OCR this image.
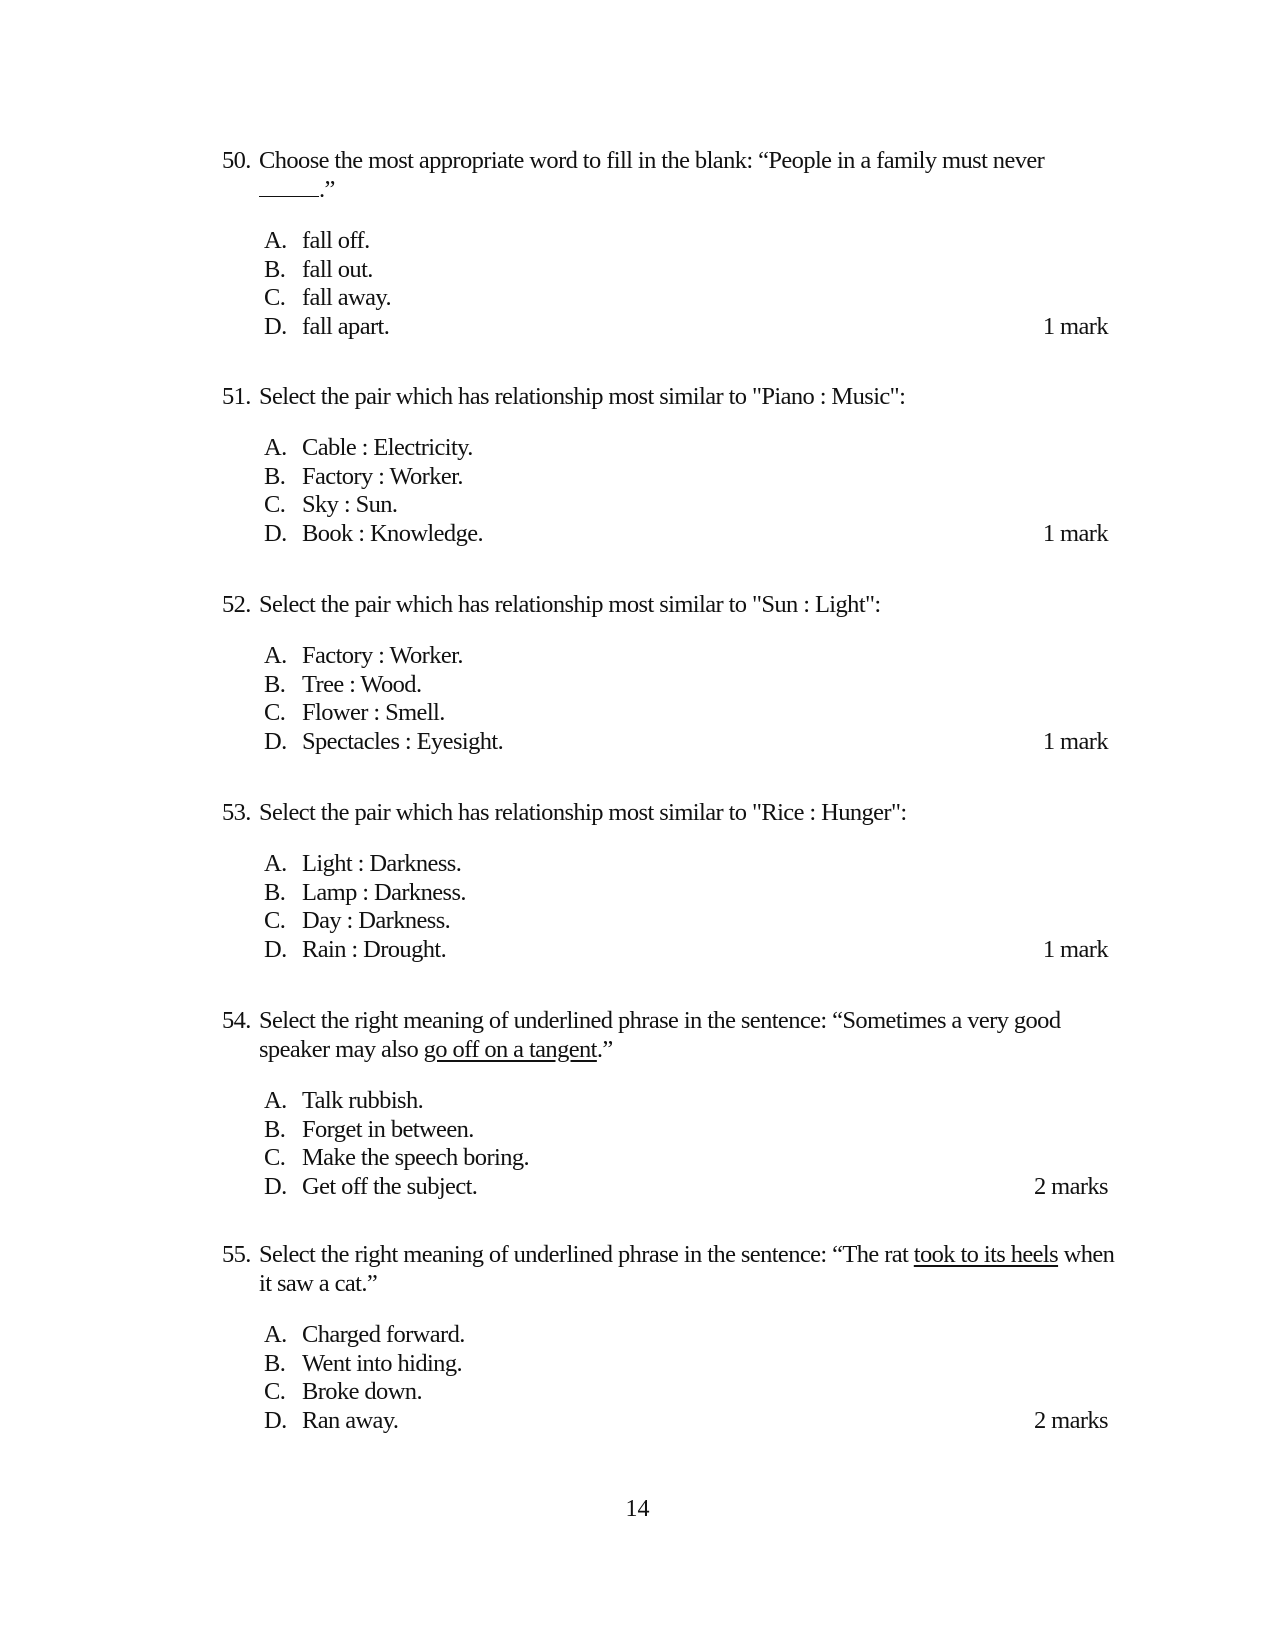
50. Choose the most appropriate word to fill in the blank: “People in a family must never
.”
A. fall off.
B. fall out.
C. fall away.
D. fall apart.	1 mark
51. Select the pair which has relationship most similar to "Piano : Music":
A. Cable : Electricity.
B. Factory : Worker.
C. Sky : Sun.
D. Book : Knowledge.	1 mark
52. Select the pair which has relationship most similar to "Sun : Light":
A. Factory : Worker.
B. Tree : Wood.
C. Flower : Smell.
D. Spectacles : Eyesight.	1 mark
53. Select the pair which has relationship most similar to "Rice : Hunger":
A. Light : Darkness.
B. Lamp : Darkness.
C. Day : Darkness.
D. Rain : Drought.	1 mark
54. Select the right meaning of underlined phrase in the sentence: “Sometimes a very good speaker may also go off on a tangent.”
A. Talk rubbish.
B. Forget in between.
C. Make the speech boring.
D. Get off the subject.	2 marks
55. Select the right meaning of underlined phrase in the sentence: “The rat took to its heels when it saw a cat.”
A. Charged forward.
B. Went into hiding.
C. Broke down.
D. Ran away.	2 marks
14
